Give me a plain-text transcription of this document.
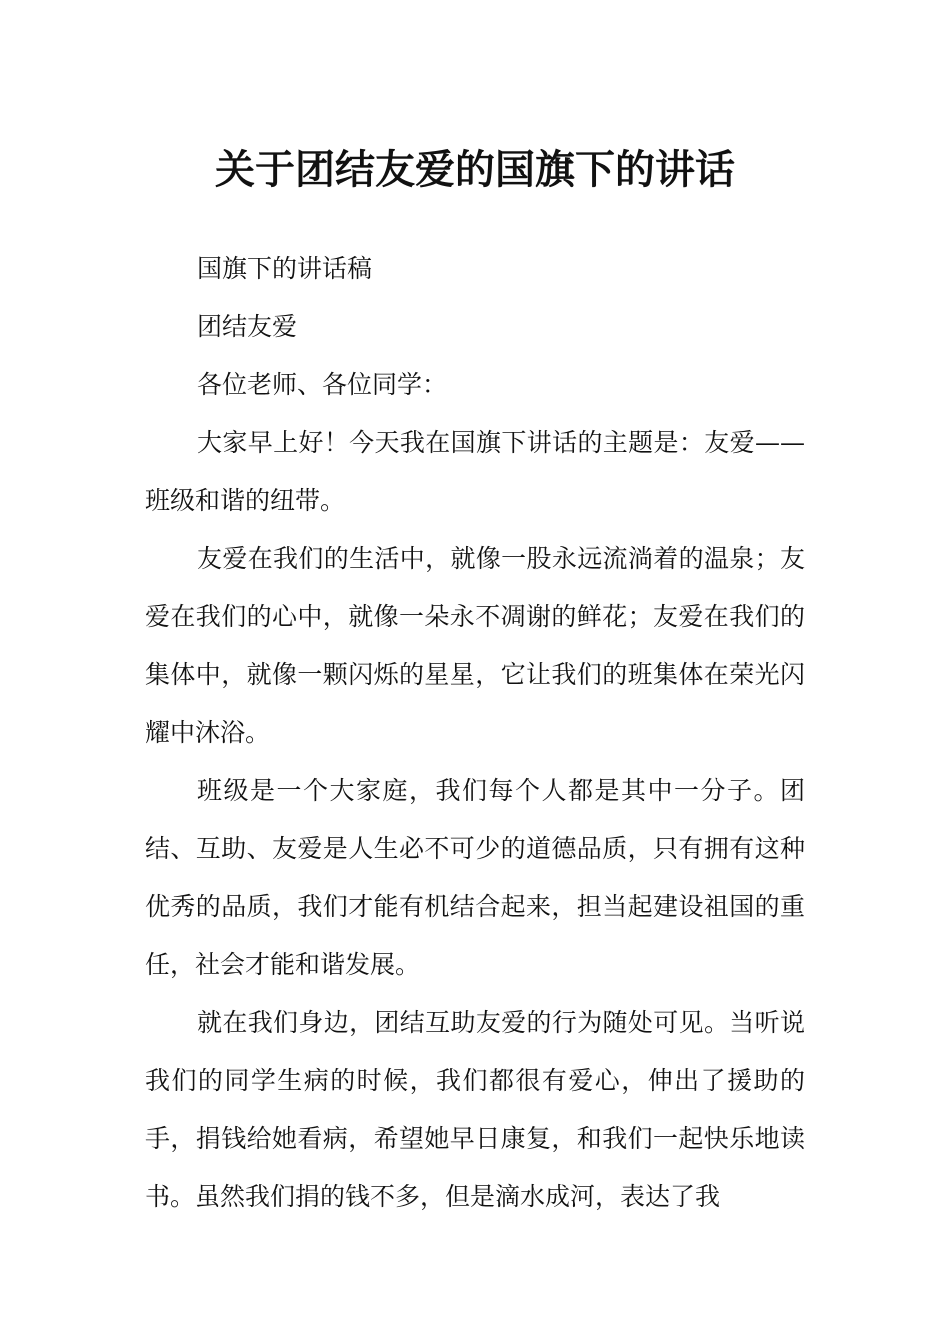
关于团结友爱的国旗下的讲话

国旗下的讲话稿

团结友爱

各位老师、各位同学：

大家早上好！今天我在国旗下讲话的主题是：友爱——班级和谐的纽带。

友爱在我们的生活中，就像一股永远流淌着的温泉；友爱在我们的心中，就像一朵永不凋谢的鲜花；友爱在我们的集体中，就像一颗闪烁的星星，它让我们的班集体在荣光闪耀中沐浴。

班级是一个大家庭，我们每个人都是其中一分子。团结、互助、友爱是人生必不可少的道德品质，只有拥有这种优秀的品质，我们才能有机结合起来，担当起建设祖国的重任，社会才能和谐发展。

就在我们身边，团结互助友爱的行为随处可见。当听说我们的同学生病的时候，我们都很有爱心，伸出了援助的手，捐钱给她看病，希望她早日康复，和我们一起快乐地读书。虽然我们捐的钱不多，但是滴水成河，表达了我
